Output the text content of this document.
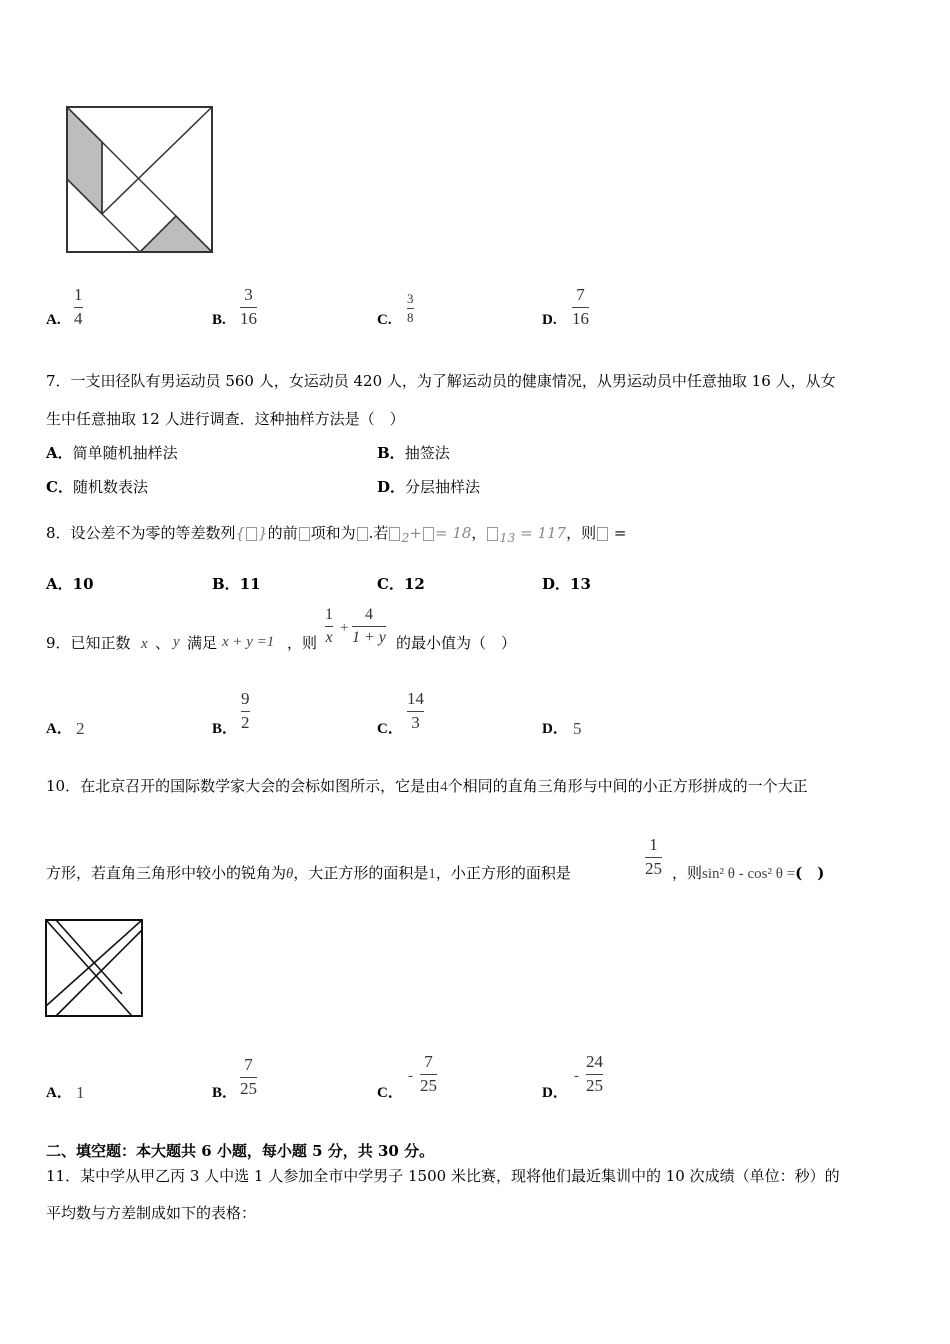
A.
1
4	B.
3
16	C.
3
8	D.
7
16
7．一支田径队有男运动员 560 人，女运动员 420 人，为了解运动员的健康情况，从男运动员中任意抽取 16 人，从女
生中任意抽取 12 人进行调查．这种抽样方法是（　）
A．简单随机抽样法	B．抽签法
C．随机数表法	D．分层抽样法
8．设公差不为零的等差数列{ }的前 项和为 .若 $_2$+ = 18， $_{13}$ = 117，则 =
A．10	B．11	C．12	D．13
9．已知正数 x 、 y 满足 x + y =1 ，则
1
x
+
4
1 + y 的最小值为（　）
A． 2	B．
9
2	C．
14
3	D． 5
10．在北京召开的国际数学家大会的会标如图所示，它是由4个相同的直角三角形与中间的小正方形拼成的一个大正
方形，若直角三角形中较小的锐角为θ，大正方形的面积是1，小正方形的面积是
1
25 ，则sin² θ - cos² θ =(　)
A． 1	B．
7
25	C．
-
7
25	D．
-
24
25
二、填空题：本大题共 6 小题，每小题 5 分，共 30 分。
11．某中学从甲乙丙 3 人中选 1 人参加全市中学男子 1500 米比赛，现将他们最近集训中的 10 次成绩（单位：秒）的
平均数与方差制成如下的表格：
